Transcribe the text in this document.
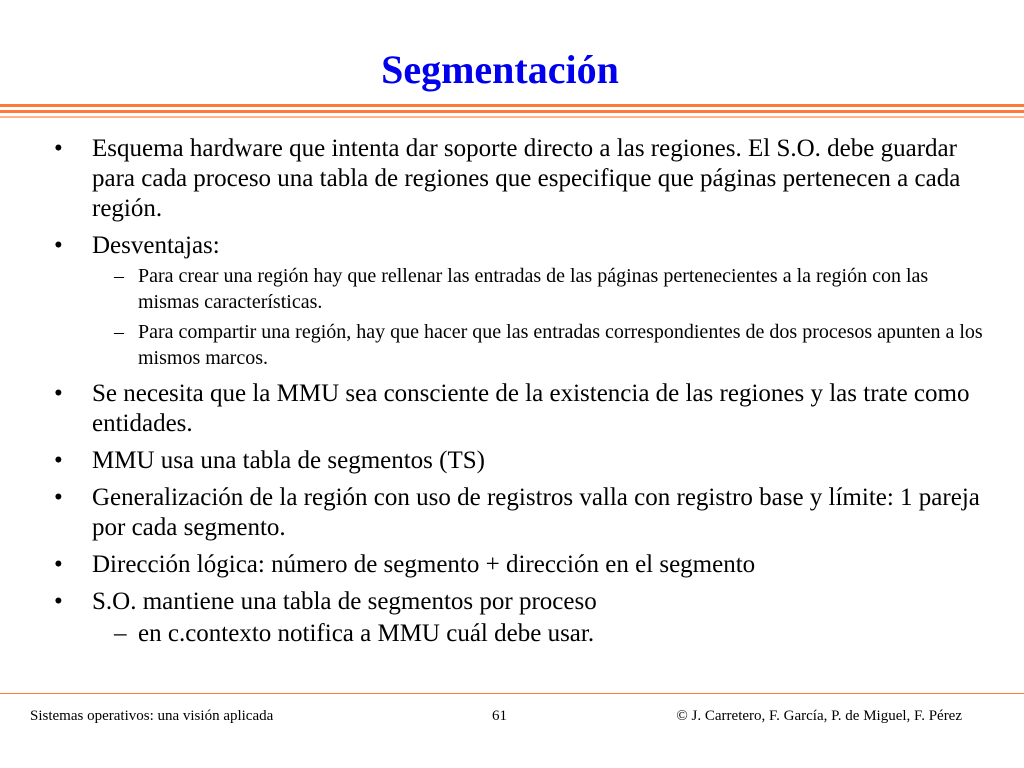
Segmentación
• Esquema hardware que intenta dar soporte directo a las regiones. El S.O. debe guardar para cada proceso una tabla de regiones que especifique que páginas pertenecen a cada región.
• Desventajas:
– Para crear una región hay que rellenar las entradas de las páginas pertenecientes a la región con las mismas características.
– Para compartir una región, hay que hacer que las entradas correspondientes de dos procesos apunten a los mismos marcos.
• Se necesita que la MMU sea consciente de la existencia de las regiones y las trate como entidades.
• MMU usa una tabla de segmentos (TS)
• Generalización de la región con uso de registros valla con registro base y límite: 1 pareja por cada segmento.
• Dirección lógica: número de segmento + dirección en el segmento
• S.O. mantiene una tabla de segmentos por proceso
– en c.contexto notifica a MMU cuál debe usar.
Sistemas operativos: una visión aplicada	61	© J. Carretero, F. García, P. de Miguel, F. Pérez
